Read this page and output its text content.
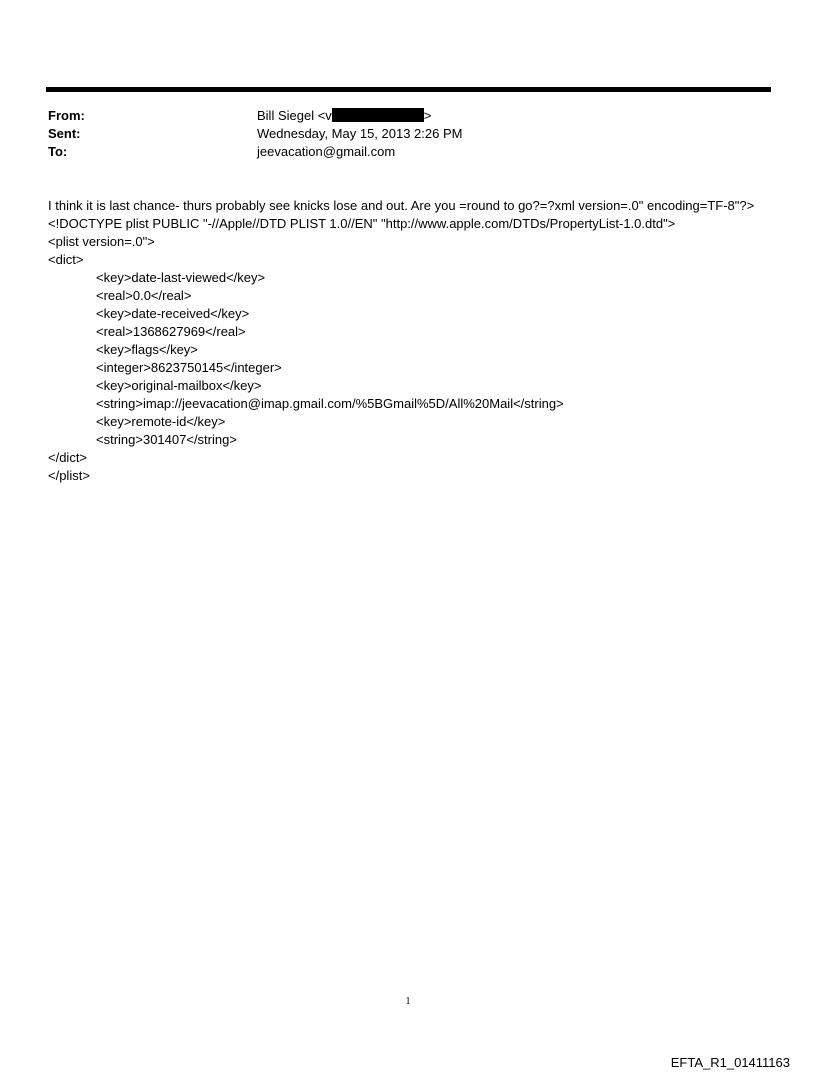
From:	Bill Siegel <v	>
Sent:	Wednesday, May 15, 2013 2:26 PM
To:	jeevacation@gmail.com

I think it is last chance- thurs probably see knicks lose and out. Are you =round to go?=?xml version=.0" encoding=TF-8"?> <!DOCTYPE plist PUBLIC "-//Apple//DTD PLIST 1.0//EN" "http://www.apple.com/DTDs/PropertyList-1.0.dtd">

<plist version=.0">
<dict>
<key>date-last-viewed</key>
<real>0.0</real>
<key>date-received</key>
<real>1368627969</real>
<key>flags</key>
<integer>8623750145</integer>
<key>original-mailbox</key>
<string>imap://jeevacation@imap.gmail.com/%5BGmail%5D/All%20Mail</string>
<key>remote-id</key>
<string>301407</string>
</dict>
</plist>
1
EFTA_R1_01411163
